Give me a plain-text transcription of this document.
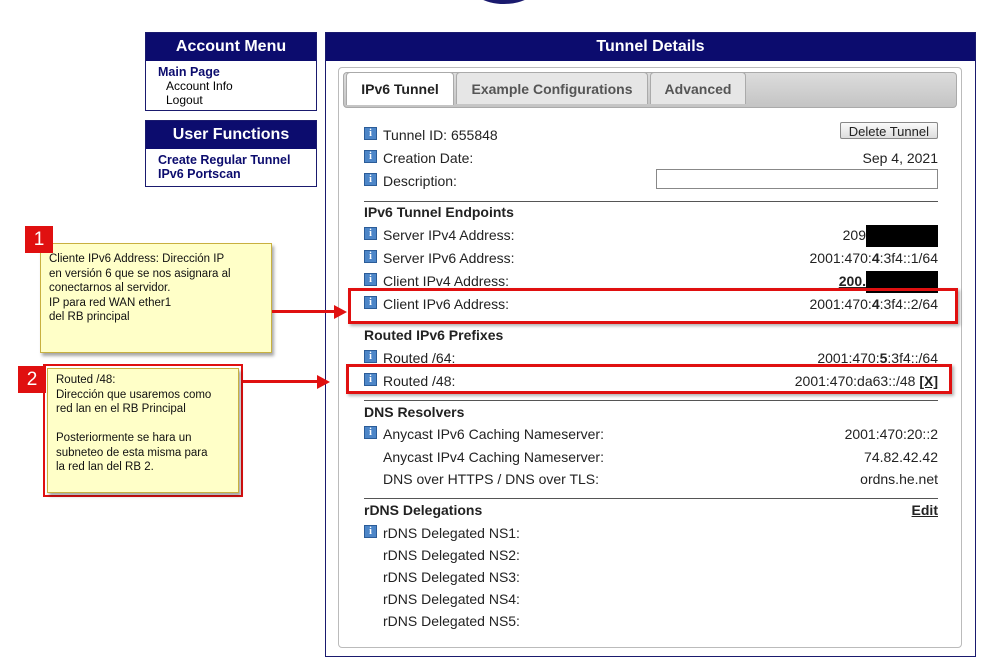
Account Menu
Main Page
Account Info
Logout
User Functions
Create Regular Tunnel
IPv6 Portscan
Tunnel Details
IPv6 Tunnel	Example Configurations	Advanced
i Tunnel ID: 655848	Delete Tunnel
i Creation Date:	Sep 4, 2021
i Description:
IPv6 Tunnel Endpoints
i Server IPv4 Address:	209
i Server IPv6 Address:	2001:470:4:3f4::1/64
i Client IPv4 Address:	200.
i Client IPv6 Address:	2001:470:4:3f4::2/64
Routed IPv6 Prefixes
i Routed /64:	2001:470:5:3f4::/64
i Routed /48:	2001:470:da63::/48 [X]
DNS Resolvers
i Anycast IPv6 Caching Nameserver:	2001:470:20::2
Anycast IPv4 Caching Nameserver:	74.82.42.42
DNS over HTTPS / DNS over TLS:	ordns.he.net
rDNS Delegations	Edit
i rDNS Delegated NS1:
rDNS Delegated NS2:
rDNS Delegated NS3:
rDNS Delegated NS4:
rDNS Delegated NS5:
Cliente IPv6 Address: Dirección IP
en versión 6 que se nos asignara al
conectarnos al servidor.
IP para red WAN ether1
del RB principal
1
Routed /48:
Dirección que usaremos como
red lan en el RB Principal
Posteriormente se hara un
subneteo de esta misma para
la red lan del RB 2.
2
